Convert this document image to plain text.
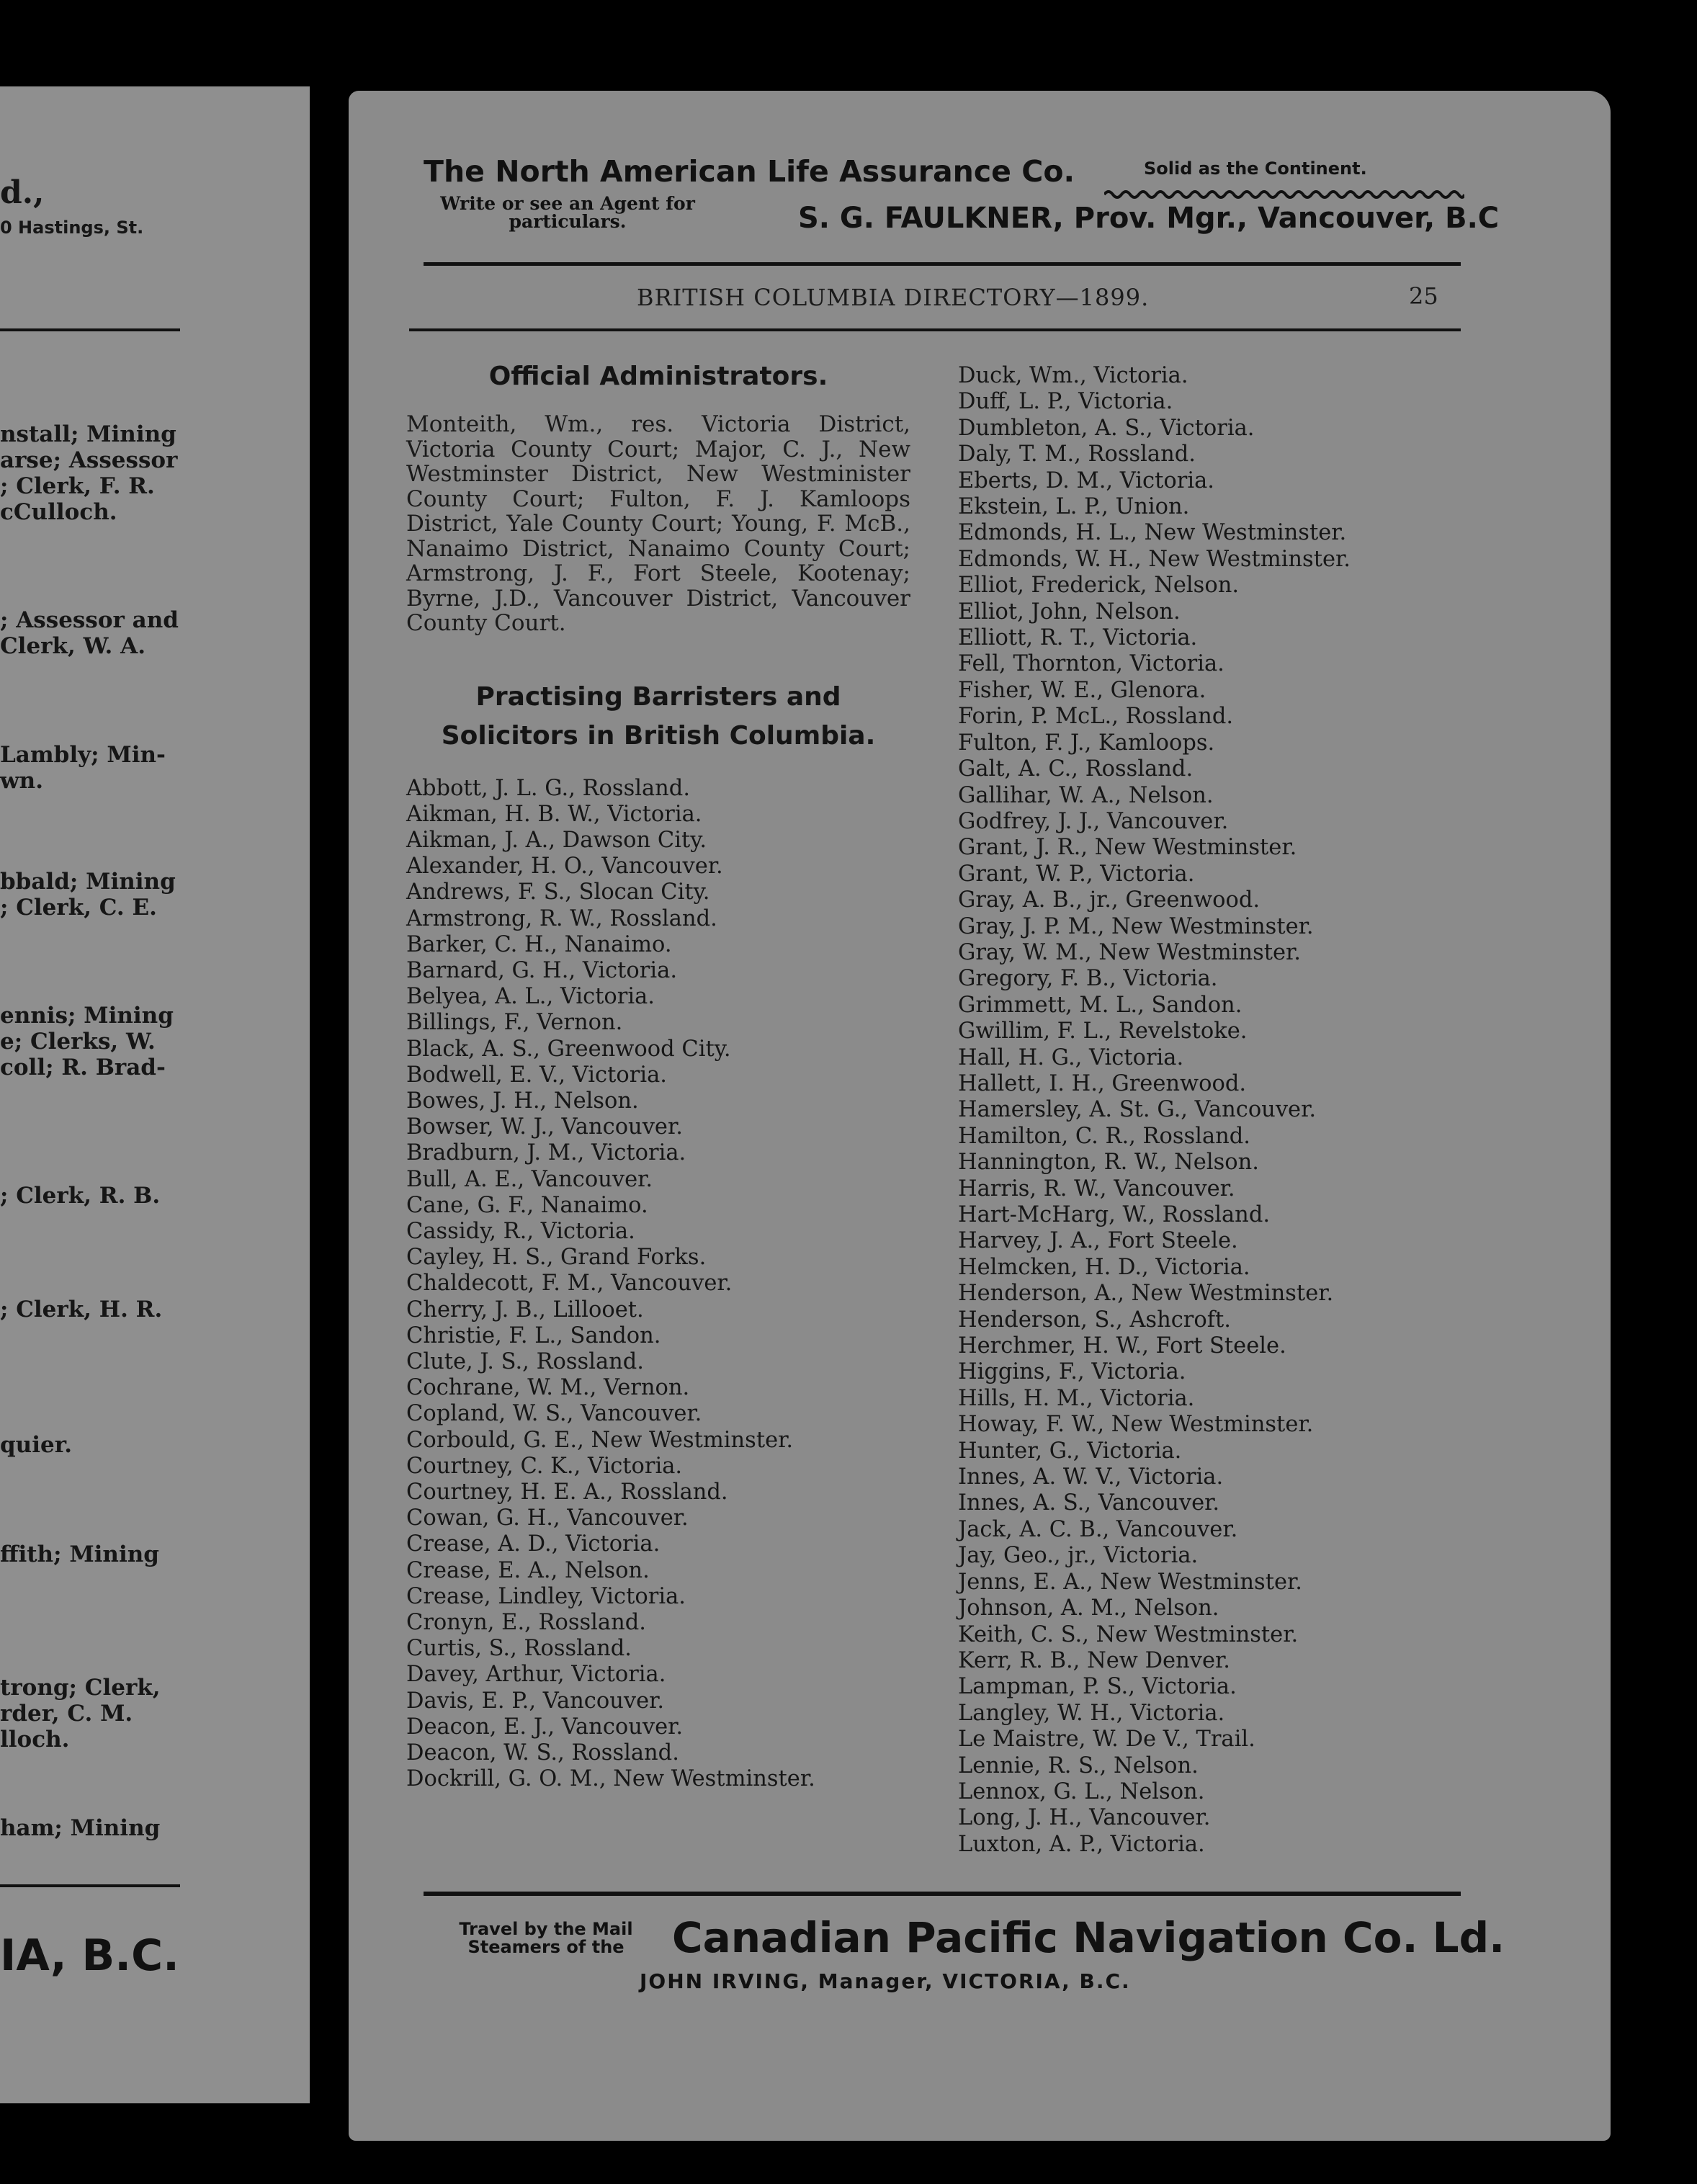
d.,
0 Hastings, St.
nstall; Mining
arse; Assessor
; Clerk, F. R.
cCulloch.
; Assessor and
Clerk, W. A.
Lambly; Min-
wn.
bbald; Mining
; Clerk, C. E.
ennis; Mining
e; Clerks, W.
coll; R. Brad-
; Clerk, R. B.
; Clerk, H. R.
quier.
ffith; Mining
trong; Clerk,
rder, C. M.
lloch.
ham; Mining
IA, B.C.
The North American Life Assurance Co.	Solid as the Continent.
Write or see an Agent for particulars.	S. G. FAULKNER, Prov. Mgr., Vancouver, B.C
BRITISH COLUMBIA DIRECTORY—1899.	25
Official Administrators.

Monteith, Wm., res. Victoria District, Victoria County Court; Major, C. J., New Westminster District, New Westminister County Court; Fulton, F. J. Kamloops District, Yale County Court; Young, F. McB., Nanaimo District, Nanaimo County Court; Armstrong, J. F., Fort Steele, Kootenay; Byrne, J.D., Vancouver District, Vancouver County Court.

Practising Barristers and Solicitors in British Columbia.
Abbott, J. L. G., Rossland.
Aikman, H. B. W., Victoria.
Aikman, J. A., Dawson City.
Alexander, H. O., Vancouver.
Andrews, F. S., Slocan City.
Armstrong, R. W., Rossland.
Barker, C. H., Nanaimo.
Barnard, G. H., Victoria.
Belyea, A. L., Victoria.
Billings, F., Vernon.
Black, A. S., Greenwood City.
Bodwell, E. V., Victoria.
Bowes, J. H., Nelson.
Bowser, W. J., Vancouver.
Bradburn, J. M., Victoria.
Bull, A. E., Vancouver.
Cane, G. F., Nanaimo.
Cassidy, R., Victoria.
Cayley, H. S., Grand Forks.
Chaldecott, F. M., Vancouver.
Cherry, J. B., Lillooet.
Christie, F. L., Sandon.
Clute, J. S., Rossland.
Cochrane, W. M., Vernon.
Copland, W. S., Vancouver.
Corbould, G. E., New Westminster.
Courtney, C. K., Victoria.
Courtney, H. E. A., Rossland.
Cowan, G. H., Vancouver.
Crease, A. D., Victoria.
Crease, E. A., Nelson.
Crease, Lindley, Victoria.
Cronyn, E., Rossland.
Curtis, S., Rossland.
Davey, Arthur, Victoria.
Davis, E. P., Vancouver.
Deacon, E. J., Vancouver.
Deacon, W. S., Rossland.
Dockrill, G. O. M., New Westminster.
Duck, Wm., Victoria.
Duff, L. P., Victoria.
Dumbleton, A. S., Victoria.
Daly, T. M., Rossland.
Eberts, D. M., Victoria.
Ekstein, L. P., Union.
Edmonds, H. L., New Westminster.
Edmonds, W. H., New Westminster.
Elliot, Frederick, Nelson.
Elliot, John, Nelson.
Elliott, R. T., Victoria.
Fell, Thornton, Victoria.
Fisher, W. E., Glenora.
Forin, P. McL., Rossland.
Fulton, F. J., Kamloops.
Galt, A. C., Rossland.
Gallihar, W. A., Nelson.
Godfrey, J. J., Vancouver.
Grant, J. R., New Westminster.
Grant, W. P., Victoria.
Gray, A. B., jr., Greenwood.
Gray, J. P. M., New Westminster.
Gray, W. M., New Westminster.
Gregory, F. B., Victoria.
Grimmett, M. L., Sandon.
Gwillim, F. L., Revelstoke.
Hall, H. G., Victoria.
Hallett, I. H., Greenwood.
Hamersley, A. St. G., Vancouver.
Hamilton, C. R., Rossland.
Hannington, R. W., Nelson.
Harris, R. W., Vancouver.
Hart-McHarg, W., Rossland.
Harvey, J. A., Fort Steele.
Helmcken, H. D., Victoria.
Henderson, A., New Westminster.
Henderson, S., Ashcroft.
Herchmer, H. W., Fort Steele.
Higgins, F., Victoria.
Hills, H. M., Victoria.
Howay, F. W., New Westminster.
Hunter, G., Victoria.
Innes, A. W. V., Victoria.
Innes, A. S., Vancouver.
Jack, A. C. B., Vancouver.
Jay, Geo., jr., Victoria.
Jenns, E. A., New Westminster.
Johnson, A. M., Nelson.
Keith, C. S., New Westminster.
Kerr, R. B., New Denver.
Lampman, P. S., Victoria.
Langley, W. H., Victoria.
Le Maistre, W. De V., Trail.
Lennie, R. S., Nelson.
Lennox, G. L., Nelson.
Long, J. H., Vancouver.
Luxton, A. P., Victoria.
Travel by the Mail Steamers of the	Canadian Pacific Navigation Co. Ld.
JOHN IRVING, Manager, VICTORIA, B.C.
